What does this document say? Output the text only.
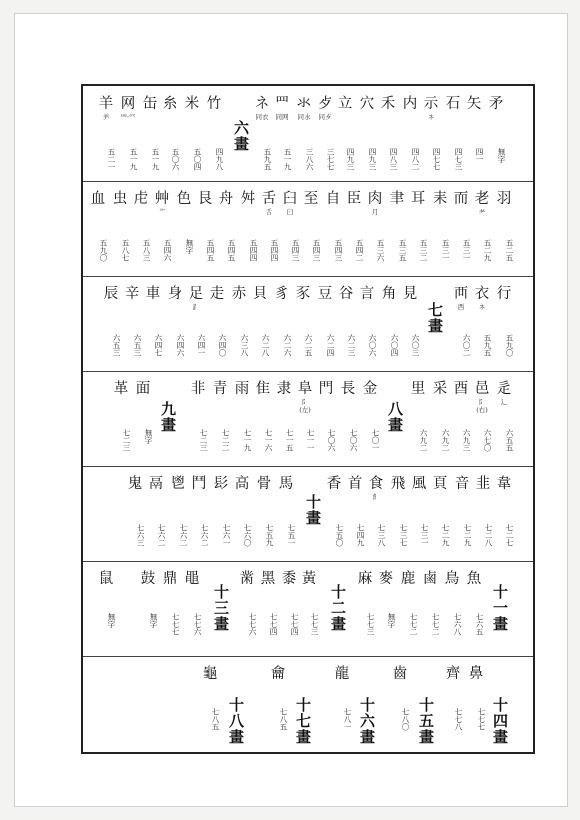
矛
無字
矢
四一
石
四七三
示
ネ
四七七
内
四八二
禾
四八三
穴
四九三
立
四九三
歺
同歺
三七七
氺
同水
三八六
罒
同网
五一九
ネ
同衣
五九五
六畫
竹
四九八
米
五〇四
糸
五〇六
缶
五一九
网
罒·㓁
五一九
羊
⺶
五二一
羽
五二五
老
耂
五二九
而
五三一
耒
五三一
耳
五三二
聿
五三五
肉
月
五三六
臣
五四二
自
五四三
至
五四三
臼
臼
五四三
舌
舌
五四四
舛
五四四
舟
五四五
艮
五四五
色
無字
艸
艹
五四六
虍
五八三
虫
五八七
血
五九〇
行
五九〇
衣
ネ
五九五
襾
西
六〇二
七畫
見
六〇三
角
六〇四
言
六〇六
谷
六二三
豆
六二四
豕
六二五
豸
六二六
貝
六二八
赤
六三八
走
六四〇
足
⻊
六四一
身
六四六
車
六四七
辛
六五三
辰
六五三
辵
⻌
六五五
邑
阝(右)
六七〇
酉
六九三
采
六九二
里
六九二
八畫
金
七〇一
長
七〇六
門
七〇六
阜
阝(左)
七一一
隶
七一五
隹
七一六
雨
七一九
青
七二二
非
七二三
九畫
面
無字
革
七二三
韋
七二七
韭
七二八
音
七二九
頁
七二九
風
七三一
飛
七三七
食
飠
七三八
首
七四九
香
七五〇
十畫
馬
七五一
骨
七五九
高
七六〇
髟
七六一
鬥
七六二
鬯
七六二
鬲
七六二
鬼
七六三
十一畫
魚
七六五
鳥
七六八
鹵
七七二
鹿
七七二
麥
無字
麻
七七三
十二畫
黃
七七三
黍
七七四
黑
七七四
黹
七七六
十三畫
黽
七七六
鼎
七七七
鼓
無字
鼠
無字
十四畫
鼻
七七七
齊
七七八
十五畫
齒
七八〇
十六畫
龍
七八一
十七畫
龠
七八五
十八畫
龜
七八五
